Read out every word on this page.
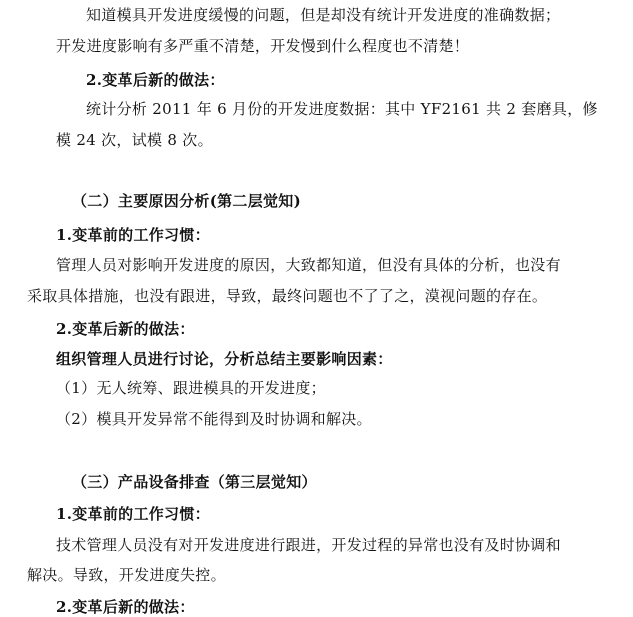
知道模具开发进度缓慢的问题，但是却没有统计开发进度的准确数据；
开发进度影响有多严重不清楚，开发慢到什么程度也不清楚！
2.变革后新的做法：
统计分析 2011 年 6 月份的开发进度数据：其中 YF2161 共 2 套磨具，修
模 24 次，试模 8 次。
（二）主要原因分析(第二层觉知)
1.变革前的工作习惯：
管理人员对影响开发进度的原因，大致都知道，但没有具体的分析，也没有
采取具体措施，也没有跟进，导致，最终问题也不了了之，漠视问题的存在。
2.变革后新的做法：
组织管理人员进行讨论，分析总结主要影响因素：
（1）无人统筹、跟进模具的开发进度；
（2）模具开发异常不能得到及时协调和解决。
（三）产品设备排查（第三层觉知）
1.变革前的工作习惯：
技术管理人员没有对开发进度进行跟进，开发过程的异常也没有及时协调和
解决。导致，开发进度失控。
2.变革后新的做法：
